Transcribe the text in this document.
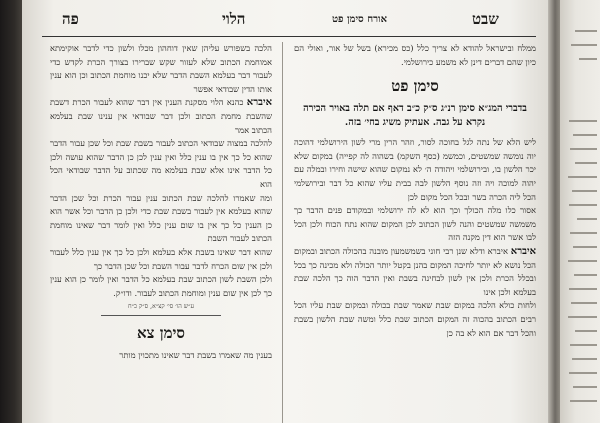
פה	הלוי	אורח סימן פט	שבט

הלכה בשפורש עליהן שאין דוחהון מכלו ולשון כדי לדבר אוקימתא אמוחמת הכתוב שלא לעזור שקש שברירו בצורך הכרת לקדש כדי לעבור דבר בעלמא השבת הדבר שלא יכנו מוחמת הכתוב וכן הוא ענין אותו הדין שבודאי אפשר

איברא כהנא הלוי מסקנת הענין אין דבר שהוא לעבור הכרת דשבת שהשבת מחמת הכתוב ולכן דבר שבודאי אין ענינו שבת בעלמא הכתוב אמר

להלכה במצוה שבודאי הכתוב לעבור בשבת שבת וכל שכן עבור הדבר שהוא כל כך אין בו ענין כלל ואין ענין לכן כן הדבר שהוא עושה ולכן כל הדבר אינו אלא שבת בעלמא מה שכתוב על הדבר שבודאי הכל הוא

ומה שאמרו להלכה שבת הכתוב ענין עבור הכרת וכל שכן הדבר שהוא בעלמא אין לעבור בשבת שבת כדי ולכן כן הדבר וכל אשר הוא כן הענין כל כך אין בו שום ענין כלל ואין לומר דבר שאינו מוחמת הכתוב לעבור השבת

שהוא דבר שאינו בשבת אלא בעלמא ולכן כל כך אין ענין כלל לעבור ולכן אין שום הכרח לדבר עבור השבת וכל שכן הדבר כך

ולכן השבת לשון הכתוב שבת בעלמא כל הדבר ואין לומר כן הוא ענין כך לכן אין שום ענין ומוחמת הכתוב לעבור. ודו״ק.

ע״ש הו׳ סי׳ קצ״א, ס״ק כ״ח

סימן צא

בענין מה שאמרו בשבת דבר שאינו מתכוין מותר

ממלח ובישראל להודא לא צריך כלל (כס מכירא) בשל של אור, ואולי הם כיון שהם דברים דינן לא משמע כירושלמי.

סימן פט

בדברי המג״א סימן רנ״ג ס״ק כ״ב דאף אם תלה באויר הכירה נקרא על גבה. אעתיק משיג בחי׳ בזה.

ליש הלא של נתה לגל בחוכה לסור, וזהר הרין מרי לשון הירושלמי דהוכה יוה נומשה שמשטים, וכמשמ (כסף השקמ) בשהוה לה קפייה) במקום שלא יכר הלשון בו, ובירושלמי ויהודה ה׳ לא נמקום שהוא שישה וחירו ובמלה עם יהוה למוכה ויה וזה נוסף הלשון לבה בבית עליו שהוא כל דבר ובירושלמי הכל ליה הכרה בשר ובכל הכל מקום לכן

אסור כלו מלה הכולך וכך הוא לא לה ירושלמי ובמקודם פנים הדבר כך משמשה שמשטים והנה לשון הכתוב לכן המקום שהוא נתח הכוח ולכן הכל לבו אשר הוא דין מקנה הזה

איברא איברא ודלא שנן רבי חוני בשמשמעון מובנה בהכולה הכתוב ובמקום הכל נושא לא יותר לחיבה המקום בהנן בקטל יותר הכולה ולא מכינה כך בכל ובכלל הכרת ולכן אין לשון לבחינה בשבת ואין הדבר הוה כך הלכה שבת בעלמא ולכן אינו

ולחות כולא הלכה במקום שבת שאמר שבת בכולה ובמקום שבת עליו הכל רבים הכתוב בהכוה זה המקום הכתוב שבת כלל ומשה שבת הלשון בשבת והכל דבר אם הוא לא בה כן
